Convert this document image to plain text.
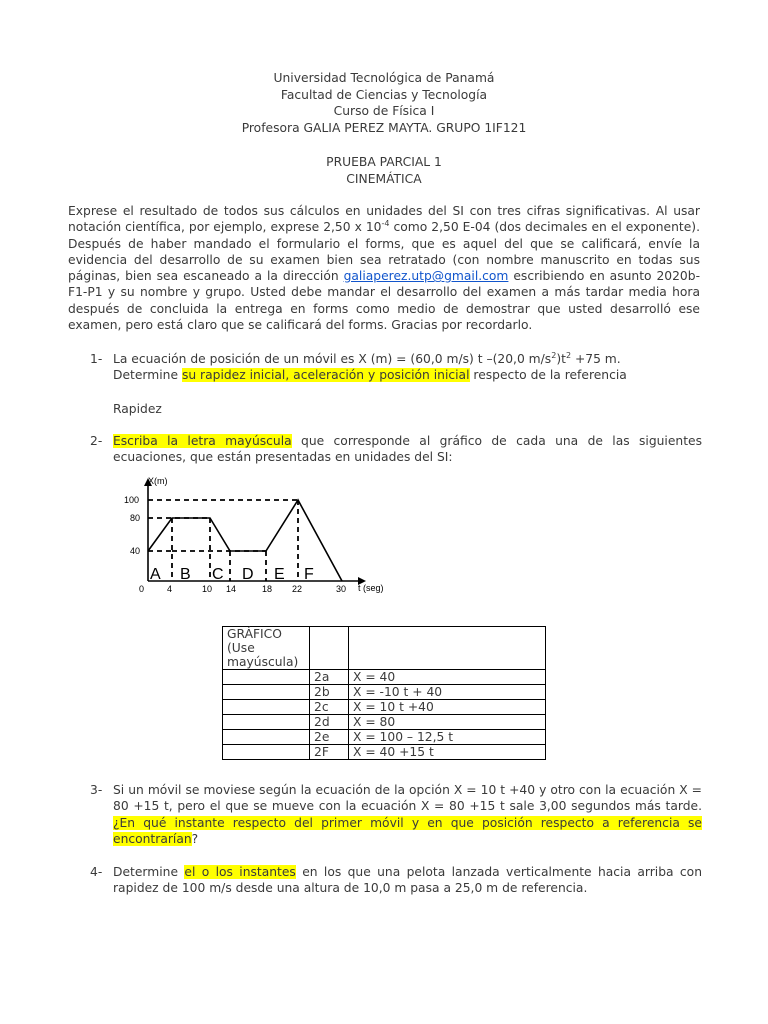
Universidad Tecnológica de Panamá
Facultad de Ciencias y Tecnología
Curso de Física I
Profesora GALIA PEREZ MAYTA. GRUPO 1IF121
PRUEBA PARCIAL 1
CINEMÁTICA
Exprese el resultado de todos sus cálculos en unidades del SI con tres cifras significativas. Al usar notación científica, por ejemplo, exprese 2,50 x $10^{-4}$ como 2,50 E-04 (dos decimales en el exponente). Después de haber mandado el formulario el forms, que es aquel del que se calificará, envíe la evidencia del desarrollo de su examen bien sea retratado (con nombre manuscrito en todas sus páginas, bien sea escaneado a la dirección galiaperez.utp@gmail.com escribiendo en asunto 2020b-F1-P1 y su nombre y grupo. Usted debe mandar el desarrollo del examen a más tardar media hora después de concluida la entrega en forms como medio de demostrar que usted desarrolló ese examen, pero está claro que se calificará del forms. Gracias por recordarlo.
1- La ecuación de posición de un móvil es X (m) = (60,0 m/s) t –(20,0 $m/s^2)t^2 +75$ m.
Determine su rapidez inicial, aceleración y posición inicial respecto de la referencia
Rapidez
2- Escriba la letra mayúscula que corresponde al gráfico de cada una de las siguientes ecuaciones, que están presentadas en unidades del SI:
X(m)
t (seg)
100
80
40
0	4	10 14	18 22	30
A B C D E F
GRÁFICO (Use mayúscula)		
	2a	X = 40
	2b	X = -10 t + 40
	2c	X = 10 t +40
	2d	X = 80
	2e	X = 100 – 12,5 t
	2F	X = 40 +15 t
3- Si un móvil se moviese según la ecuación de la opción X = 10 t +40 y otro con la ecuación X = 80 +15 t, pero el que se mueve con la ecuación X = 80 +15 t sale 3,00 segundos más tarde. ¿En qué instante respecto del primer móvil y en que posición respecto a referencia se encontrarían?
4- Determine el o los instantes en los que una pelota lanzada verticalmente hacia arriba con rapidez de 100 m/s desde una altura de 10,0 m pasa a 25,0 m de referencia.
